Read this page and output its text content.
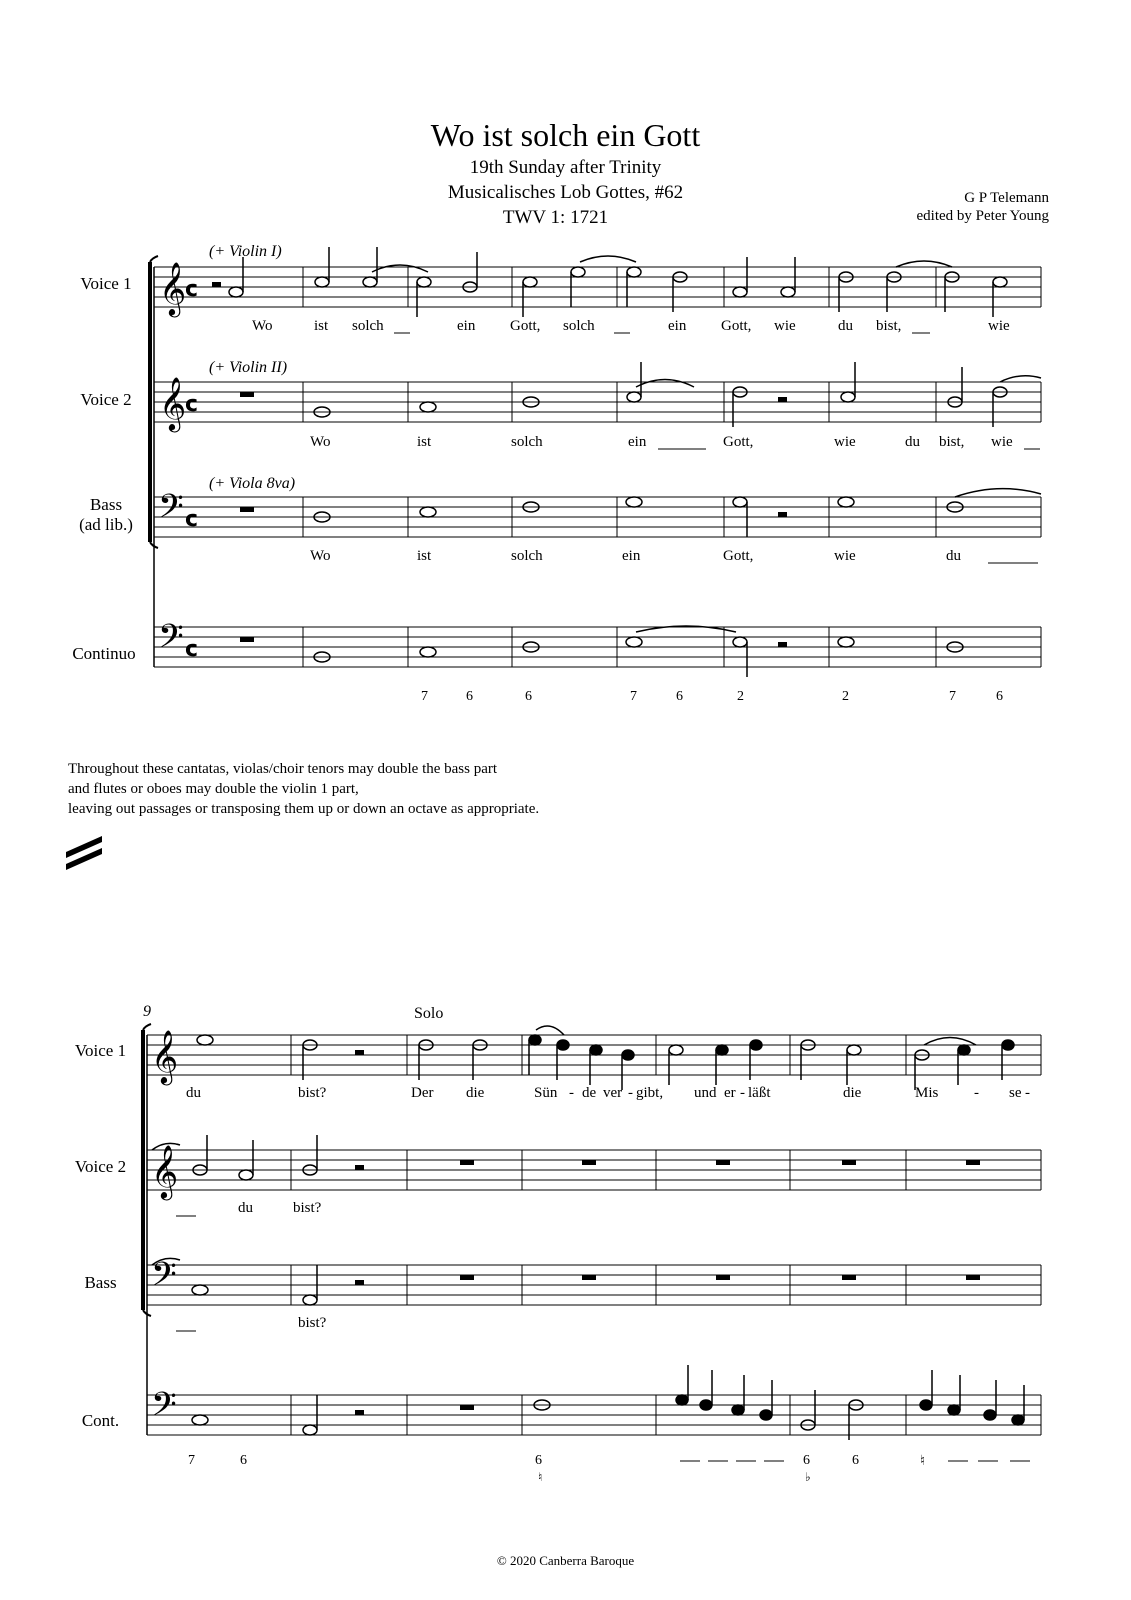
Wo ist solch ein Gott
19th Sunday after Trinity
Musicalisches Lob Gottes, #62
TWV 1: 1721
G P Telemann
edited by Peter Young
𝄞
𝄞
𝄢
𝄢
c
c
c
c
𝄞
𝄞
𝄢
𝄢
Voice 1
Voice 2
Bass
(ad lib.)
Continuo
(+ Violin I)
(+ Violin II)
(+ Viola 8va)
Wo	ist solch	ein Gott, solch	ein Gott, wie	du bist,	wie
Wo	ist	solch	ein	Gott,	wie	du bist, wie
Wo	ist	solch	ein	Gott,	wie	du
7	6	6	7	6	2	2	7	6
Throughout these cantatas, violas/choir tenors may double the bass part
and flutes or oboes may double the violin 1 part,
leaving out passages or transposing them up or down an octave as appropriate.
9	Solo
Voice 1
Voice 2
Bass
Cont.
du	bist?	Der die	Sün - de ver - gibt, und er - läßt	die	Mis - se -
du	bist?
bist?
7	6	6	6	6
♮	♭
♮
© 2020 Canberra Baroque
